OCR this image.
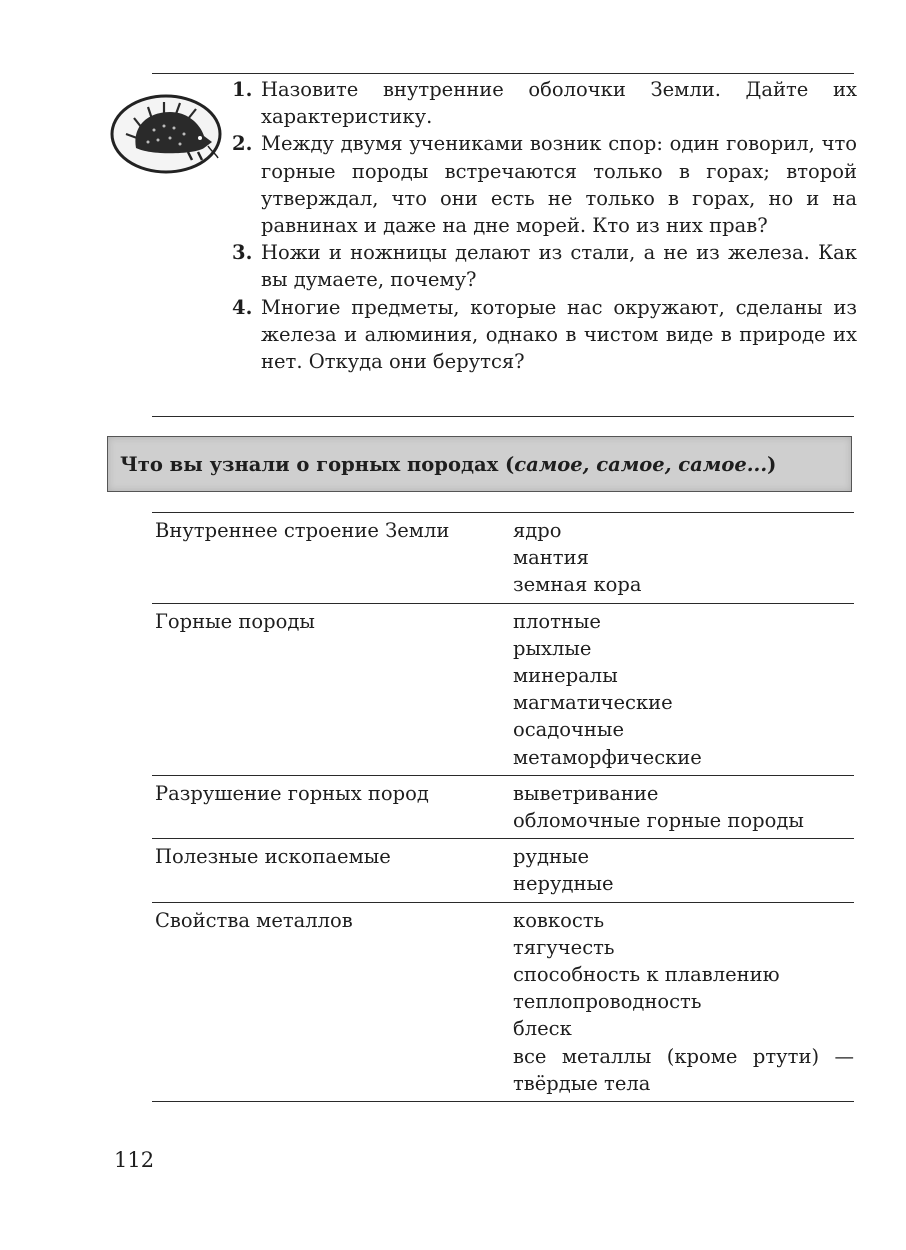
1. Назовите внутренние оболочки Земли. Дайте их характеристику.
2. Между двумя учениками возник спор: один говорил, что горные породы встречаются только в горах; второй утверждал, что они есть не только в горах, но и на равнинах и даже на дне морей. Кто из них прав?
3. Ножи и ножницы делают из стали, а не из железа. Как вы думаете, почему?
4. Многие предметы, которые нас окружают, сделаны из железа и алюминия, однако в чистом виде в природе их нет. Откуда они берутся?
Что вы узнали о горных породах (самое, самое, самое...)
Внутреннее строение Земли	ядро
мантия
земная кора
Горные породы	плотные
рыхлые
минералы
магматические
осадочные
метаморфические
Разрушение горных пород	выветривание
обломочные горные породы
Полезные ископаемые	рудные
нерудные
Свойства металлов	ковкость
тягучесть
способность к плавлению
теплопроводность
блеск
все металлы (кроме ртути) — твёрдые тела
112
